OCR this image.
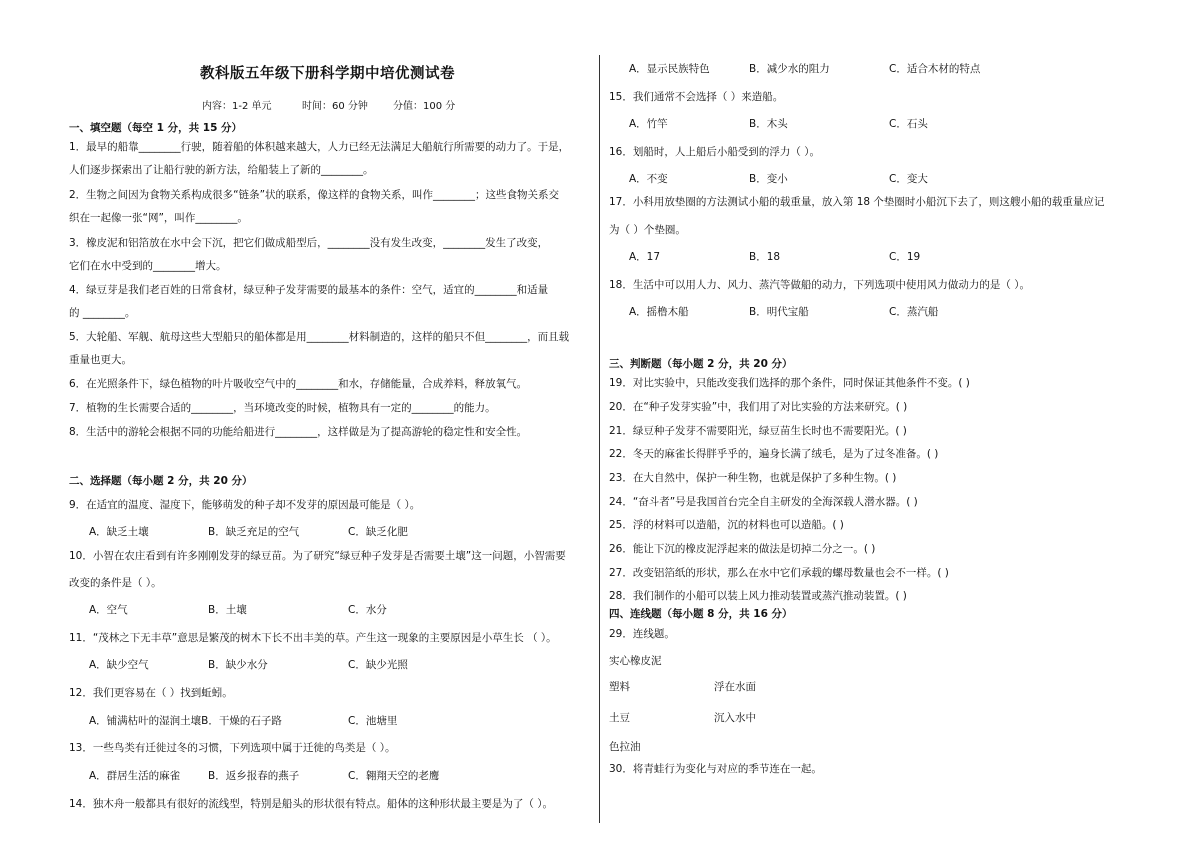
教科版五年级下册科学期中培优测试卷
内容：1-2 单元	时间：60 分钟	分值：100 分
一、填空题（每空 1 分，共 15 分）
1．最早的船靠________行驶，随着船的体积越来越大，人力已经无法满足大船航行所需要的动力了。于是，
人们逐步探索出了让船行驶的新方法，给船装上了新的________。
2．生物之间因为食物关系构成很多“链条”状的联系，像这样的食物关系，叫作________；这些食物关系交
织在一起像一张“网”，叫作________。
3．橡皮泥和铝箔放在水中会下沉，把它们做成船型后，________没有发生改变，________发生了改变，
它们在水中受到的________增大。
4．绿豆芽是我们老百姓的日常食材，绿豆种子发芽需要的最基本的条件：空气，适宜的________和适量
的 ________。
5．大轮船、军舰、航母这些大型船只的船体都是用________材料制造的，这样的船只不但________，而且载
重量也更大。
6．在光照条件下，绿色植物的叶片吸收空气中的________和水，存储能量，合成养料，释放氧气。
7．植物的生长需要合适的________，当环境改变的时候，植物具有一定的________的能力。
8．生活中的游轮会根据不同的功能给船进行________，这样做是为了提高游轮的稳定性和安全性。
二、选择题（每小题 2 分，共 20 分）
9．在适宜的温度、湿度下，能够萌发的种子却不发芽的原因最可能是（ ）。
A．缺乏土壤	B．缺乏充足的空气	C．缺乏化肥
10．小智在农庄看到有许多刚刚发芽的绿豆苗。为了研究“绿豆种子发芽是否需要土壤”这一问题，小智需要
改变的条件是（ ）。
A．空气	B．土壤	C．水分
11．“茂林之下无丰草”意思是繁茂的树木下长不出丰美的草。产生这一现象的主要原因是小草生长 （ ）。
A．缺少空气	B．缺少水分	C．缺少光照
12．我们更容易在（ ）找到蚯蚓。
A．铺满枯叶的湿润土壤B．干燥的石子路	C．池塘里
13．一些鸟类有迁徙过冬的习惯，下列选项中属于迁徙的鸟类是（ ）。
A．群居生活的麻雀	B．返乡报春的燕子	C．翱翔天空的老鹰
14．独木舟一般都具有很好的流线型，特别是船头的形状很有特点。船体的这种形状最主要是为了（ ）。
A．显示民族特色	B．减少水的阻力	C．适合木材的特点
15．我们通常不会选择（ ）来造船。
A．竹竿	B．木头	C．石头
16．划船时，人上船后小船受到的浮力（ ）。
A．不变	B．变小	C．变大
17．小科用放垫圈的方法测试小船的载重量，放入第 18 个垫圈时小船沉下去了，则这艘小船的载重量应记
为（ ）个垫圈。
A．17	B．18	C．19
18．生活中可以用人力、风力、蒸汽等做船的动力，下列选项中使用风力做动力的是（ ）。
A．摇橹木船	B．明代宝船	C．蒸汽船
三、判断题（每小题 2 分，共 20 分）
19．对比实验中，只能改变我们选择的那个条件，同时保证其他条件不变。( )
20．在“种子发芽实验”中，我们用了对比实验的方法来研究。( )
21．绿豆种子发芽不需要阳光，绿豆苗生长时也不需要阳光。( )
22．冬天的麻雀长得胖乎乎的，遍身长满了绒毛，是为了过冬准备。( )
23．在大自然中，保护一种生物，也就是保护了多种生物。( )
24．“奋斗者”号是我国首台完全自主研发的全海深载人潜水器。( )
25．浮的材料可以造船，沉的材料也可以造船。( )
26．能让下沉的橡皮泥浮起来的做法是切掉二分之一。( )
27．改变铝箔纸的形状，那么在水中它们承载的螺母数量也会不一样。( )
28．我们制作的小船可以装上风力推动装置或蒸汽推动装置。( )
四、连线题（每小题 8 分，共 16 分）
29．连线题。
实心橡皮泥
塑料	浮在水面
土豆	沉入水中
色拉油
30．将青蛙行为变化与对应的季节连在一起。
